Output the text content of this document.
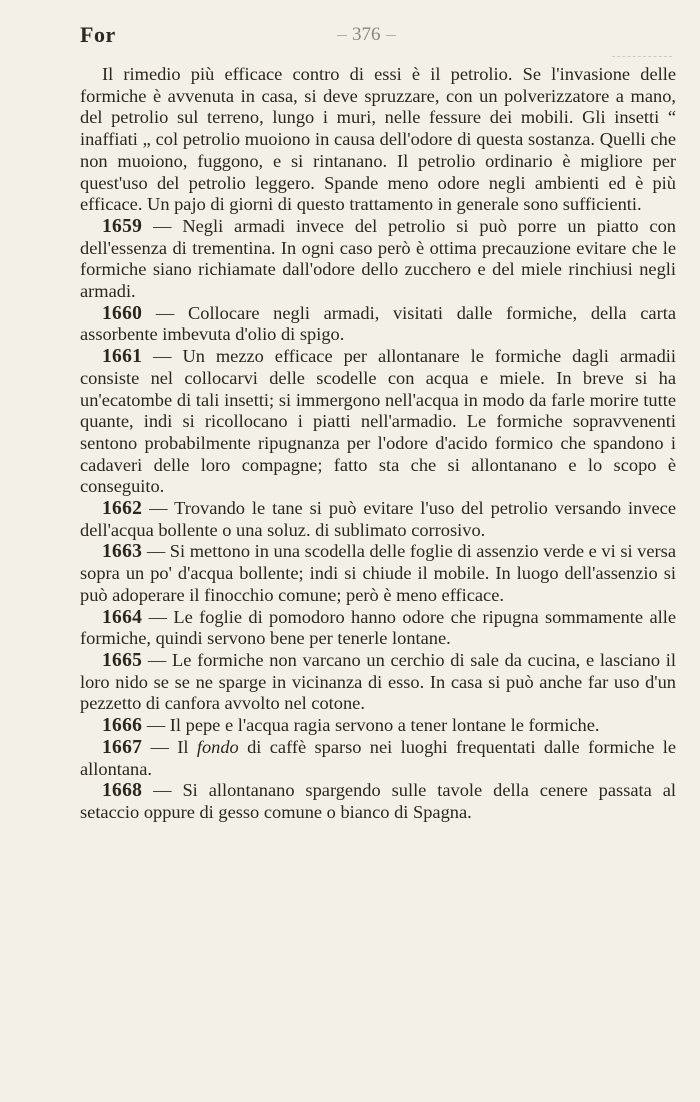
For	376

Il rimedio più efficace contro di essi è il petrolio. Se l'invasione delle formiche è avvenuta in casa, si deve spruzzare, con un polverizzatore a mano, del petrolio sul terreno, lungo i muri, nelle fessure dei mobili. Gli insetti “ inaffiati „ col petrolio muoiono in causa dell'odore di questa sostanza. Quelli che non muoiono, fuggono, e si rintanano. Il petrolio ordinario è migliore per quest'uso del petrolio leggero. Spande meno odore negli ambienti ed è più efficace. Un pajo di giorni di questo trattamento in generale sono sufficienti.

1659 — Negli armadi invece del petrolio si può porre un piatto con dell'essenza di trementina. In ogni caso però è ottima precauzione evitare che le formiche siano richiamate dall'odore dello zucchero e del miele rinchiusi negli armadi.

1660 — Collocare negli armadi, visitati dalle formiche, della carta assorbente imbevuta d'olio di spigo.

1661 — Un mezzo efficace per allontanare le formiche dagli armadii consiste nel collocarvi delle scodelle con acqua e miele. In breve si ha un'ecatombe di tali insetti; si immergono nell'acqua in modo da farle morire tutte quante, indi si ricollocano i piatti nell'armadio. Le formiche sopravvenenti sentono probabilmente ripugnanza per l'odore d'acido formico che spandono i cadaveri delle loro compagne; fatto sta che si allontanano e lo scopo è conseguito.

1662 — Trovando le tane si può evitare l'uso del petrolio versando invece dell'acqua bollente o una soluz. di sublimato corrosivo.

1663 — Si mettono in una scodella delle foglie di assenzio verde e vi si versa sopra un po' d'acqua bollente; indi si chiude il mobile. In luogo dell'assenzio si può adoperare il finocchio comune; però è meno efficace.

1664 — Le foglie di pomodoro hanno odore che ripugna sommamente alle formiche, quindi servono bene per tenerle lontane.

1665 — Le formiche non varcano un cerchio di sale da cucina, e lasciano il loro nido se se ne sparge in vicinanza di esso. In casa si può anche far uso d'un pezzetto di canfora avvolto nel cotone.

1666 — Il pepe e l'acqua ragia servono a tener lontane le formiche.

1667 — Il fondo di caffè sparso nei luoghi frequentati dalle formiche le allontana.

1668 — Si allontanano spargendo sulle tavole della cenere passata al setaccio oppure di gesso comune o bianco di Spagna.
